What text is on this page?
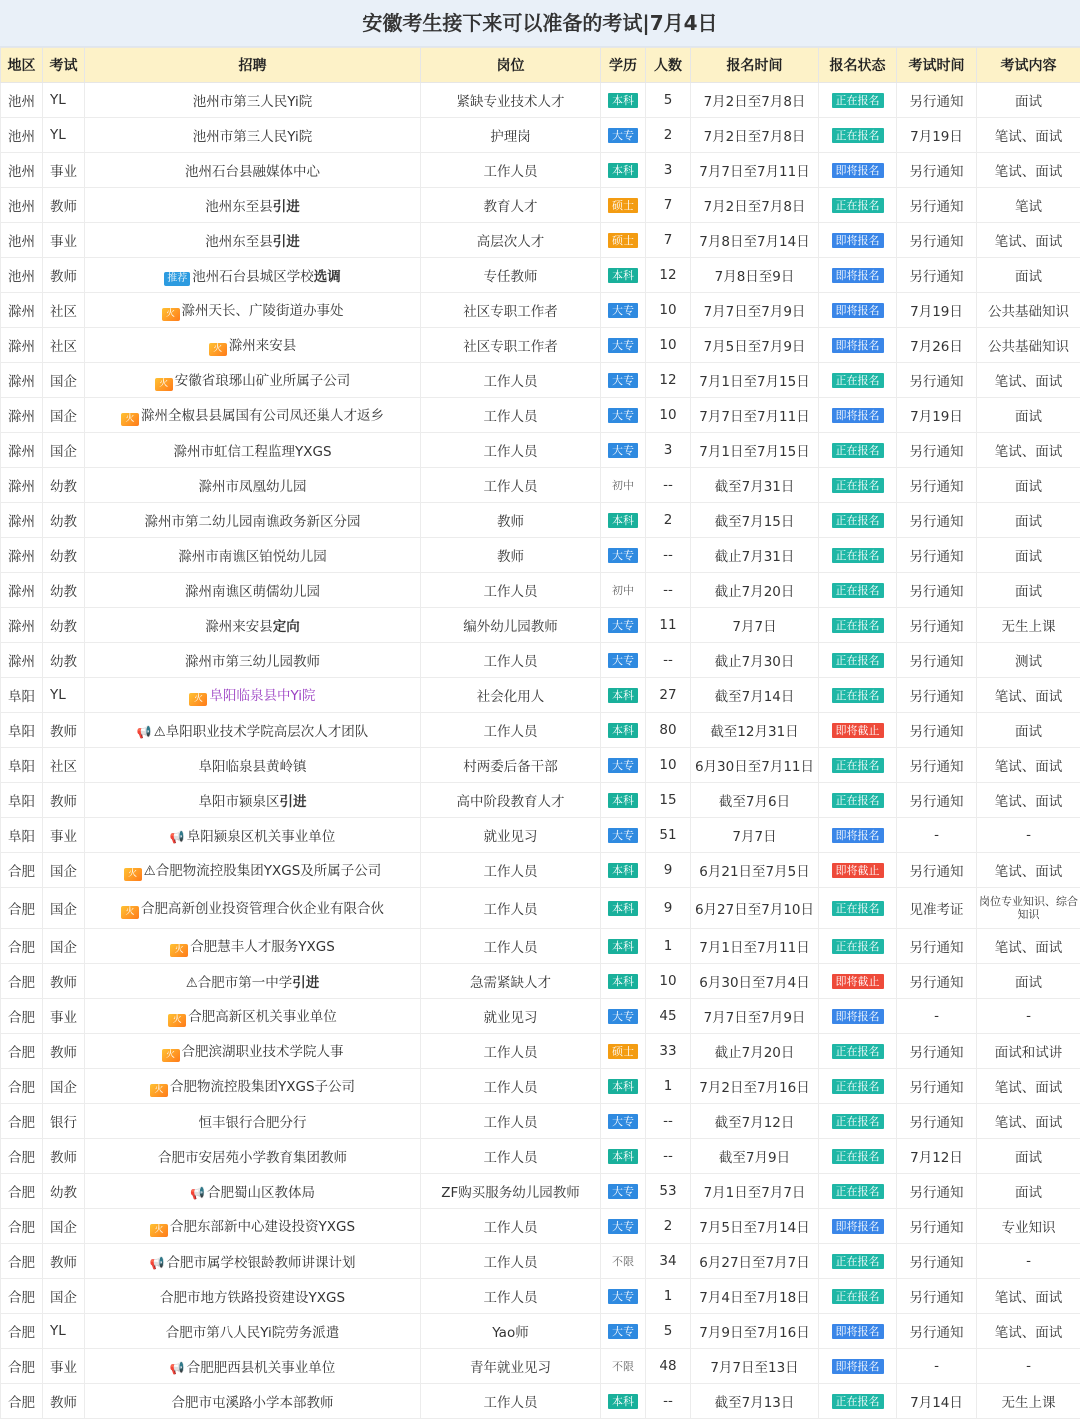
安徽考生接下来可以准备的考试|7月4日
地区	考试	招聘	岗位	学历	人数	报名时间	报名状态	考试时间	考试内容
池州	YL	池州市第三人民Yi院	紧缺专业技术人才	本科	5	7月2日至7月8日	正在报名	另行通知	面试
池州	YL	池州市第三人民Yi院	护理岗	大专	2	7月2日至7月8日	正在报名	7月19日	笔试、面试
池州	事业	池州石台县融媒体中心	工作人员	本科	3	7月7日至7月11日	即将报名	另行通知	笔试、面试
池州	教师	池州东至县引进	教育人才	硕士	7	7月2日至7月8日	正在报名	另行通知	笔试
池州	事业	池州东至县引进	高层次人才	硕士	7	7月8日至7月14日	即将报名	另行通知	笔试、面试
池州	教师	推荐 池州石台县城区学校选调	专任教师	本科	12	7月8日至9日	即将报名	另行通知	面试
滁州	社区	火 滁州天长、广陵街道办事处	社区专职工作者	大专	10	7月7日至7月9日	即将报名	7月19日	公共基础知识
滁州	社区	火 滁州来安县	社区专职工作者	大专	10	7月5日至7月9日	即将报名	7月26日	公共基础知识
滁州	国企	火 安徽省琅琊山矿业所属子公司	工作人员	大专	12	7月1日至7月15日	正在报名	另行通知	笔试、面试
滁州	国企	火 滁州全椒县县属国有公司凤还巢人才返乡	工作人员	大专	10	7月7日至7月11日	即将报名	7月19日	面试
滁州	国企	滁州市虹信工程监理YXGS	工作人员	大专	3	7月1日至7月15日	正在报名	另行通知	笔试、面试
滁州	幼教	滁州市凤凰幼儿园	工作人员	初中	--	截至7月31日	正在报名	另行通知	面试
滁州	幼教	滁州市第二幼儿园南谯政务新区分园	教师	本科	2	截至7月15日	正在报名	另行通知	面试
滁州	幼教	滁州市南谯区铂悦幼儿园	教师	大专	--	截止7月31日	正在报名	另行通知	面试
滁州	幼教	滁州南谯区萌儒幼儿园	工作人员	初中	--	截止7月20日	正在报名	另行通知	面试
滁州	幼教	滁州来安县定向	编外幼儿园教师	大专	11	7月7日	正在报名	另行通知	无生上课
滁州	幼教	滁州市第三幼儿园教师	工作人员	大专	--	截止7月30日	正在报名	另行通知	测试
阜阳	YL	火 阜阳临泉县中Yi院	社会化用人	本科	27	截至7月14日	正在报名	另行通知	笔试、面试
阜阳	教师	📢 ⚠阜阳职业技术学院高层次人才团队	工作人员	本科	80	截至12月31日	即将截止	另行通知	面试
阜阳	社区	阜阳临泉县黄岭镇	村两委后备干部	大专	10	6月30日至7月11日	正在报名	另行通知	笔试、面试
阜阳	教师	阜阳市颍泉区引进	高中阶段教育人才	本科	15	截至7月6日	正在报名	另行通知	笔试、面试
阜阳	事业	📢 阜阳颍泉区机关事业单位	就业见习	大专	51	7月7日	即将报名	-	-
合肥	国企	火 ⚠合肥物流控股集团YXGS及所属子公司	工作人员	本科	9	6月21日至7月5日	即将截止	另行通知	笔试、面试
合肥	国企	火 合肥高新创业投资管理合伙企业有限合伙	工作人员	本科	9	6月27日至7月10日	正在报名	见准考证	岗位专业知识、综合知识
合肥	国企	火 合肥慧丰人才服务YXGS	工作人员	本科	1	7月1日至7月11日	正在报名	另行通知	笔试、面试
合肥	教师	⚠合肥市第一中学引进	急需紧缺人才	本科	10	6月30日至7月4日	即将截止	另行通知	面试
合肥	事业	火 合肥高新区机关事业单位	就业见习	大专	45	7月7日至7月9日	即将报名	-	-
合肥	教师	火 合肥滨湖职业技术学院人事	工作人员	硕士	33	截止7月20日	正在报名	另行通知	面试和试讲
合肥	国企	火 合肥物流控股集团YXGS子公司	工作人员	本科	1	7月2日至7月16日	正在报名	另行通知	笔试、面试
合肥	银行	恒丰银行合肥分行	工作人员	大专	--	截至7月12日	正在报名	另行通知	笔试、面试
合肥	教师	合肥市安居苑小学教育集团教师	工作人员	本科	--	截至7月9日	正在报名	7月12日	面试
合肥	幼教	📢 合肥蜀山区教体局	ZF购买服务幼儿园教师	大专	53	7月1日至7月7日	正在报名	另行通知	面试
合肥	国企	火 合肥东部新中心建设投资YXGS	工作人员	大专	2	7月5日至7月14日	即将报名	另行通知	专业知识
合肥	教师	📢 合肥市属学校银龄教师讲课计划	工作人员	不限	34	6月27日至7月7日	正在报名	另行通知	-
合肥	国企	合肥市地方铁路投资建设YXGS	工作人员	大专	1	7月4日至7月18日	正在报名	另行通知	笔试、面试
合肥	YL	合肥市第八人民Yi院劳务派遣	Yao师	大专	5	7月9日至7月16日	即将报名	另行通知	笔试、面试
合肥	事业	📢 合肥肥西县机关事业单位	青年就业见习	不限	48	7月7日至13日	即将报名	-	-
合肥	教师	合肥市屯溪路小学本部教师	工作人员	本科	--	截至7月13日	正在报名	7月14日	无生上课
